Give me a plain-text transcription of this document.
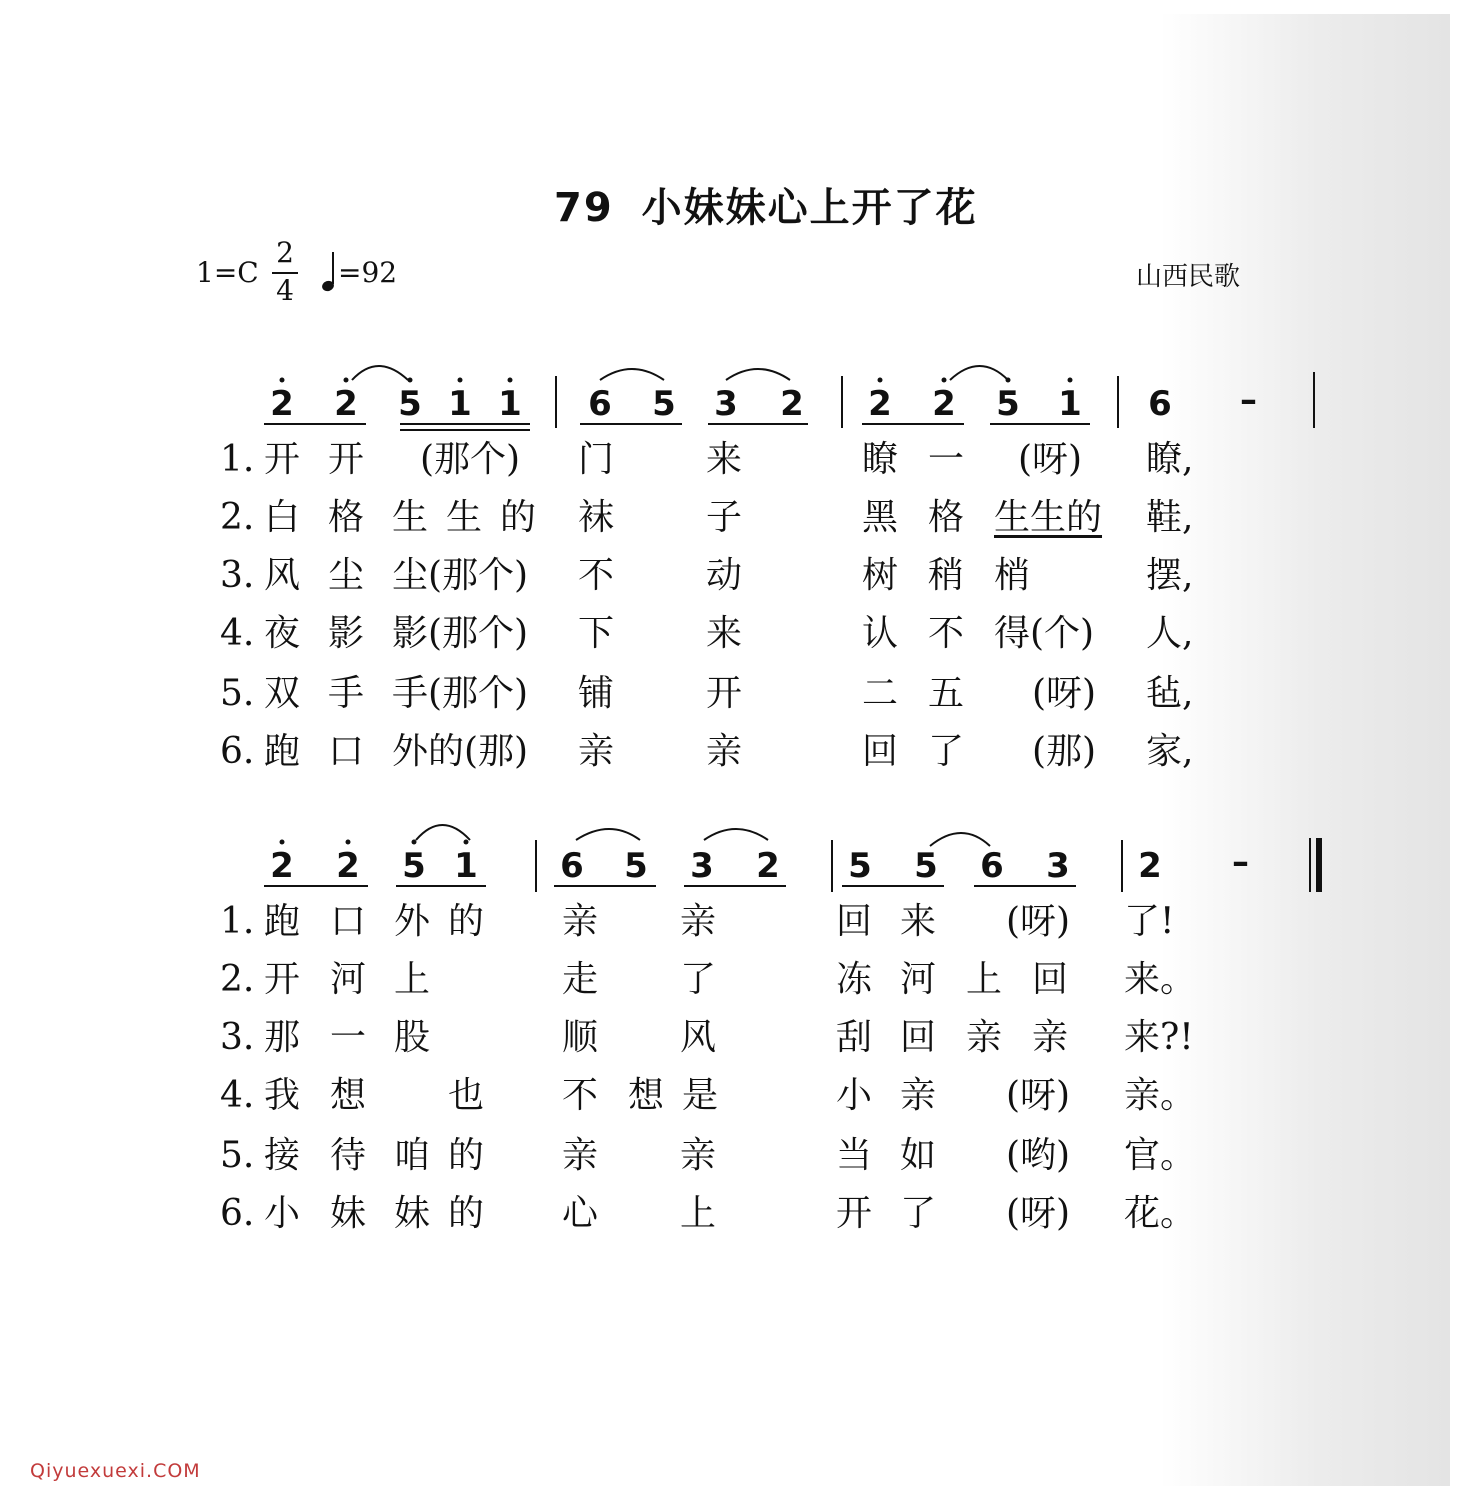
79 小妹妹心上开了花
1=C
2
4
=92	山西民歌
2 2 5 1 1 6 5 3 2 2 2 5 1 6 –
2 2 5 1 6 5 3 2 5 5 6 3 2 –
1. 开 开 (那个) 门	来	瞭 一 (呀) 瞭,
2. 白 格 生 生 的 袜	子	黑 格 生生的 鞋,
3. 风 尘 尘(那个) 不	动	树 稍 梢	摆,
4. 夜 影 影(那个) 下	来	认 不 得(个) 人,
5. 双 手 手(那个) 铺	开	二 五 (呀) 毡,
6. 跑 口 外的(那) 亲	亲	回 了 (那) 家,
1. 跑 口 外 的 亲 亲	回 来 (呀) 了!
2. 开 河 上	走 了	冻 河 上 回 来。
3. 那 一 股	顺 风	刮 回 亲 亲 来?!
4. 我 想 也 不 想 是	小 亲 (呀) 亲。
5. 接 待 咱 的 亲 亲	当 如 (哟) 官。
6. 小 妹 妹 的 心 上	开 了 (呀) 花。
Qiyuexuexi.COM
